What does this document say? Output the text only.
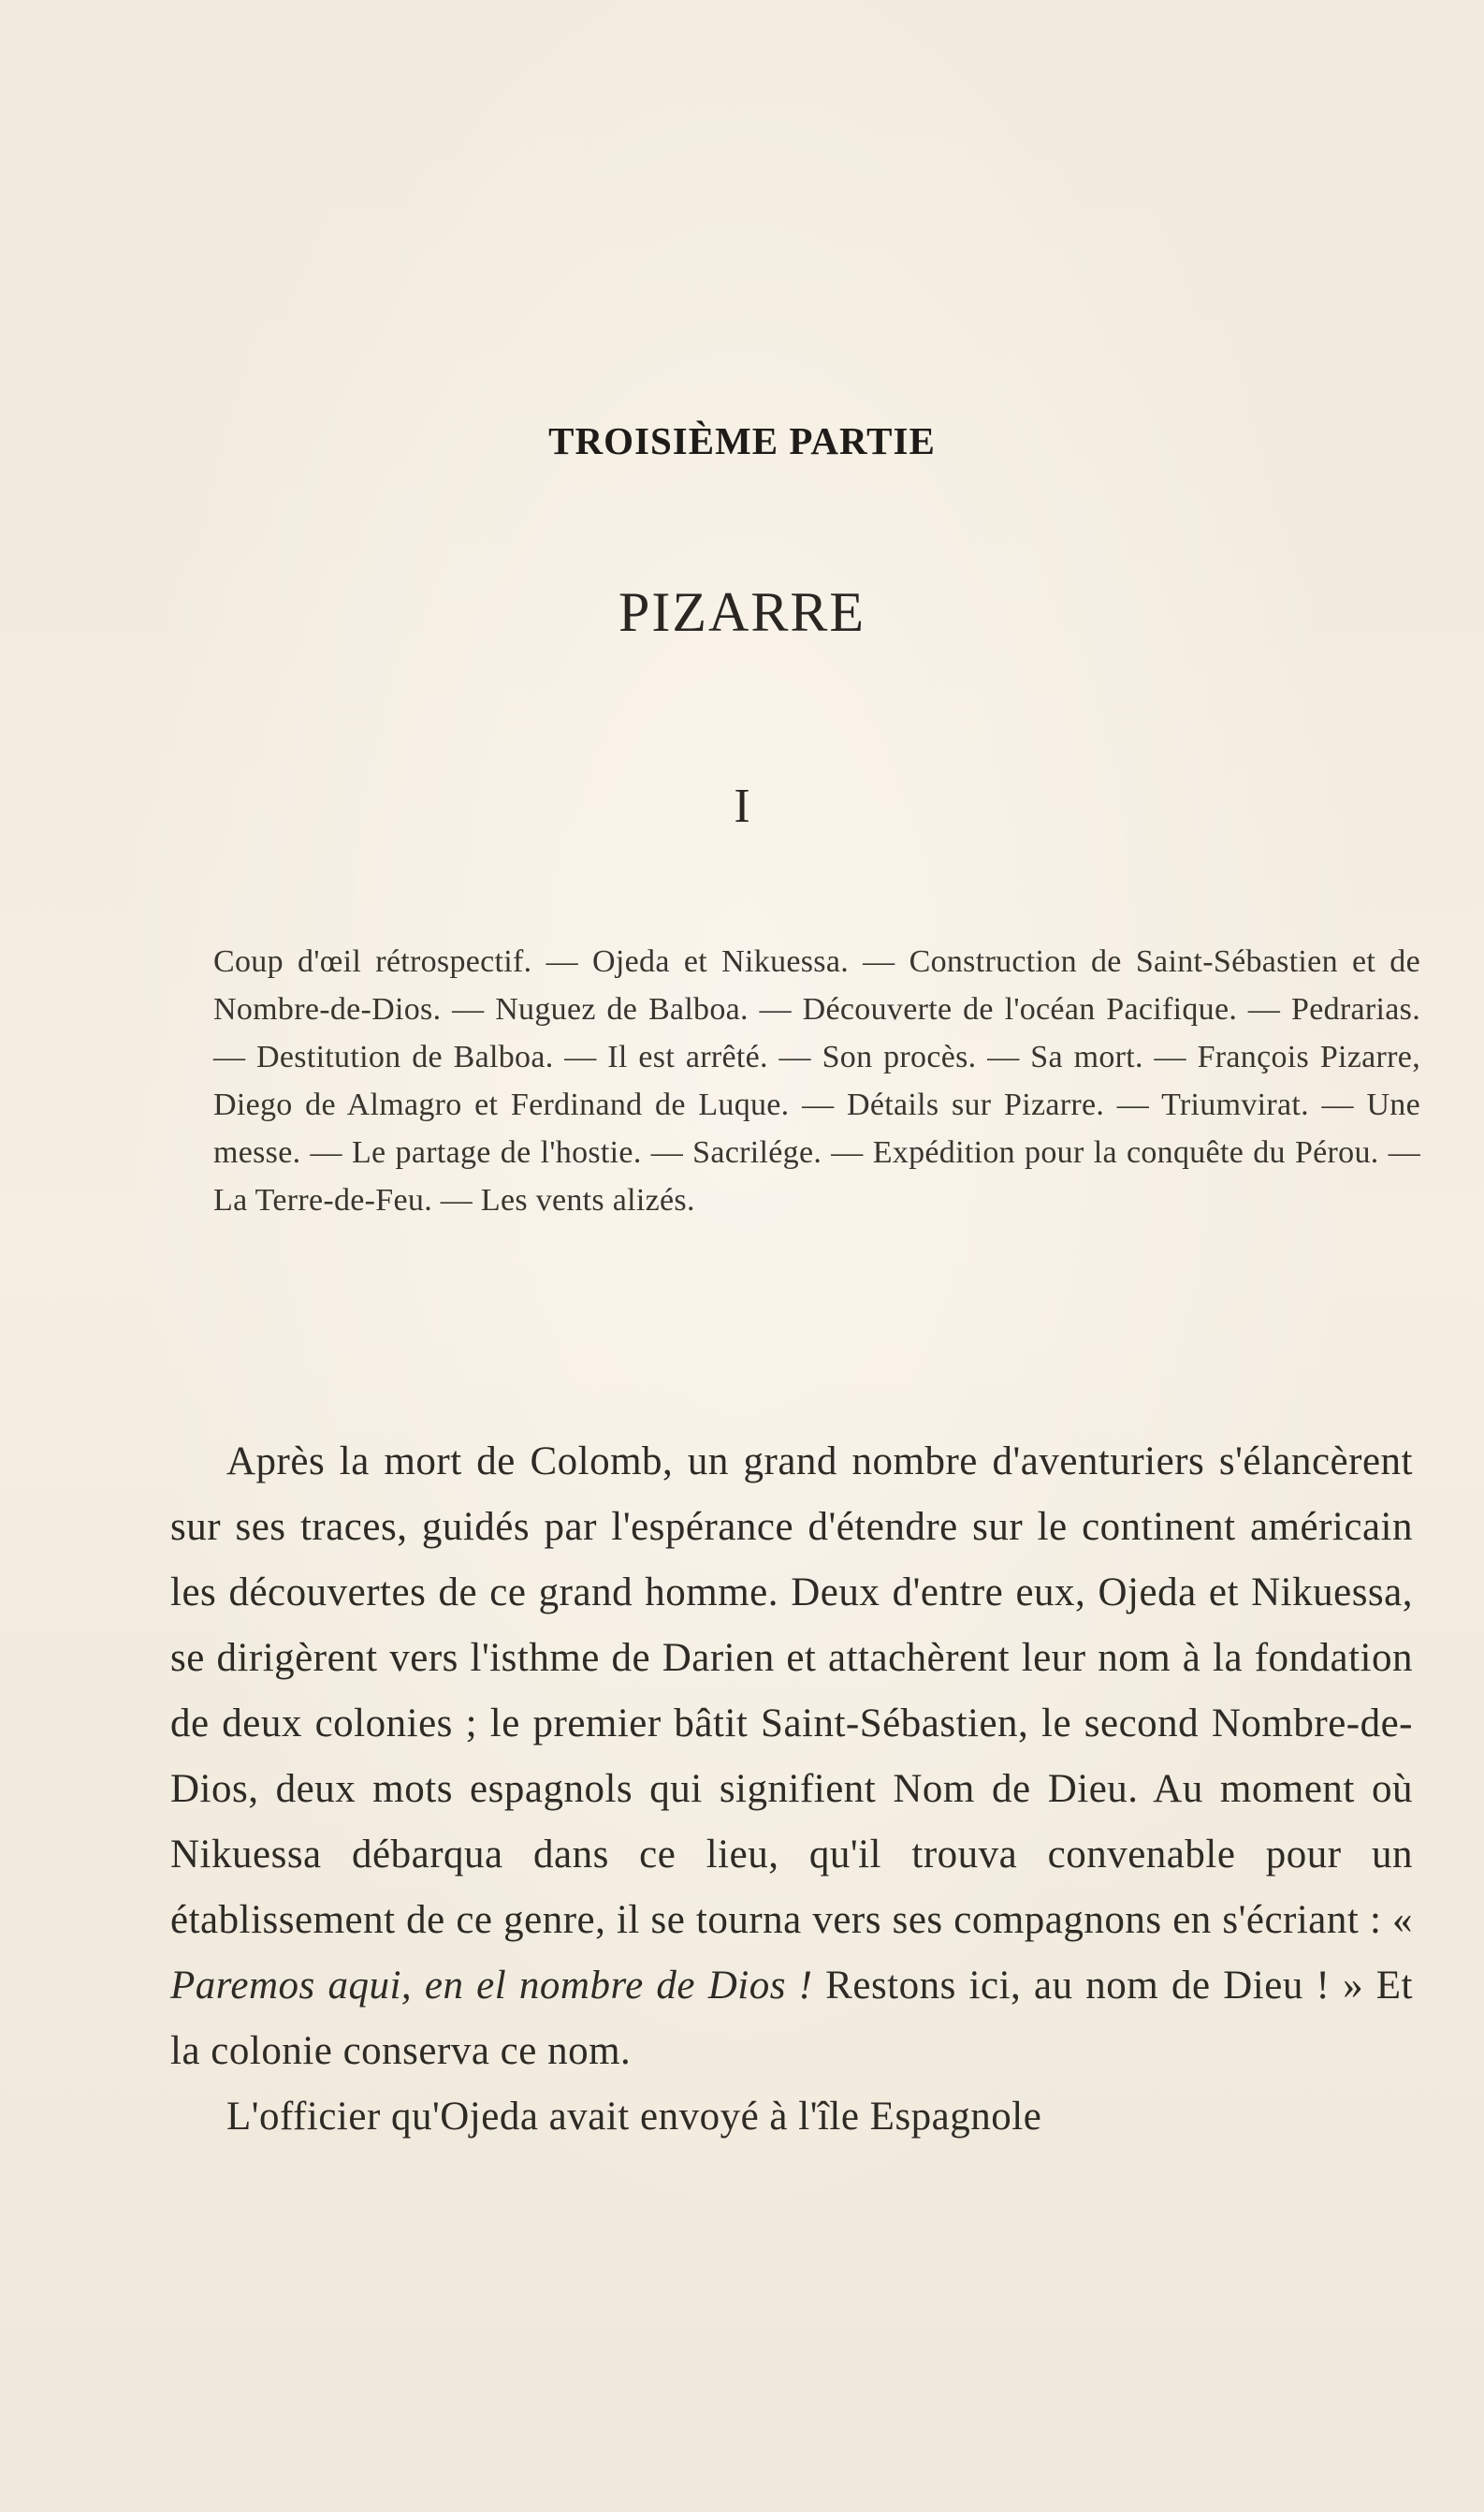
TROISIÈME PARTIE
PIZARRE
I
Coup d'œil rétrospectif. — Ojeda et Nikuessa. — Construction de Saint-Sébastien et de Nombre-de-Dios. — Nuguez de Balboa. — Découverte de l'océan Pacifique. — Pedrarias. — Destitution de Balboa. — Il est arrêté. — Son procès. — Sa mort. — François Pizarre, Diego de Almagro et Ferdinand de Luque. — Détails sur Pizarre. — Triumvirat. — Une messe. — Le partage de l'hostie. — Sacrilége. — Expédition pour la conquête du Pérou. — La Terre-de-Feu. — Les vents alizés.

Après la mort de Colomb, un grand nombre d'aventuriers s'élancèrent sur ses traces, guidés par l'espérance d'étendre sur le continent américain les découvertes de ce grand homme. Deux d'entre eux, Ojeda et Nikuessa, se dirigèrent vers l'isthme de Darien et attachèrent leur nom à la fondation de deux colonies ; le premier bâtit Saint-Sébastien, le second Nombre-de-Dios, deux mots espagnols qui signifient Nom de Dieu. Au moment où Nikuessa débarqua dans ce lieu, qu'il trouva convenable pour un établissement de ce genre, il se tourna vers ses compagnons en s'écriant : « Paremos aqui, en el nombre de Dios ! Restons ici, au nom de Dieu ! » Et la colonie conserva ce nom.

L'officier qu'Ojeda avait envoyé à l'île Espagnole
